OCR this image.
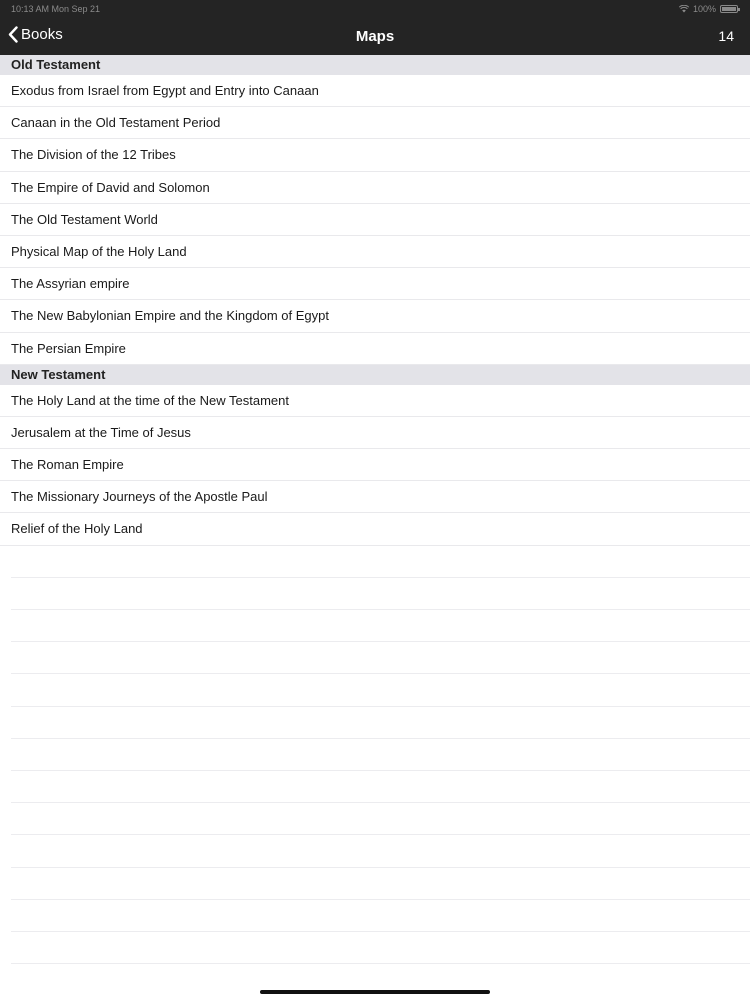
10:13 AM Mon Sep 21	100%
Books	Maps	14
Old Testament
Exodus from Israel from Egypt and Entry into Canaan
Canaan in the Old Testament Period
The Division of the 12 Tribes
The Empire of David and Solomon
The Old Testament World
Physical Map of the Holy Land
The Assyrian empire
The New Babylonian Empire and the Kingdom of Egypt
The Persian Empire
New Testament
The Holy Land at the time of the New Testament
Jerusalem at the Time of Jesus
The Roman Empire
The Missionary Journeys of the Apostle Paul
Relief of the Holy Land
